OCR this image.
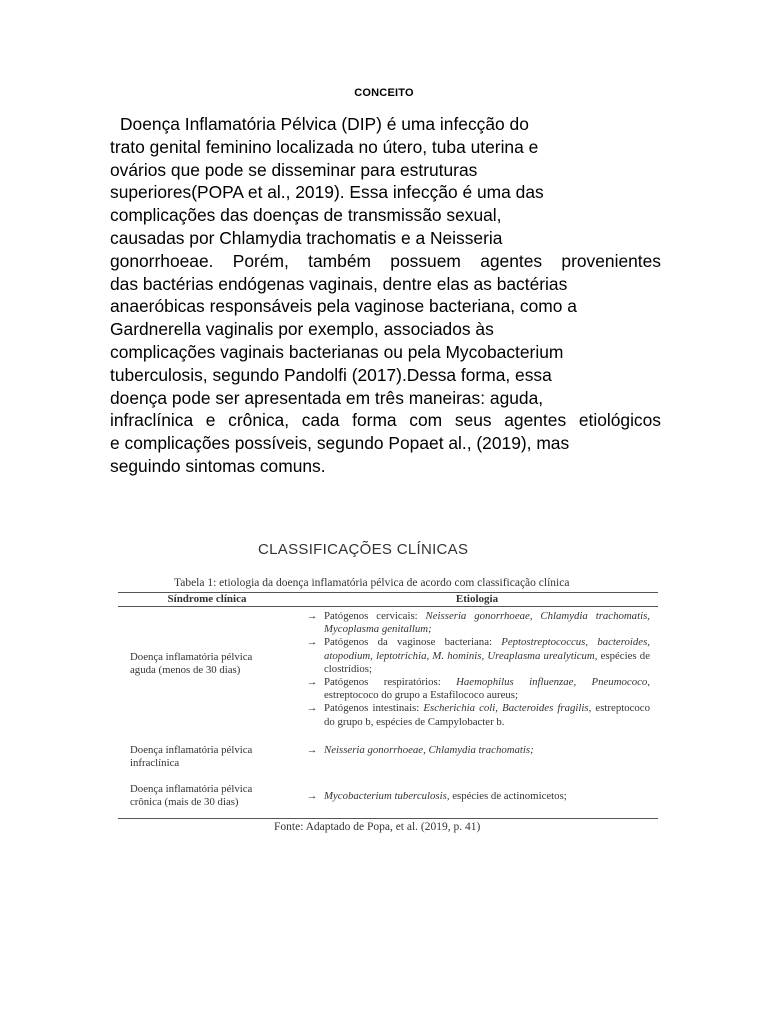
CONCEITO
Doença Inflamatória Pélvica (DIP) é uma infecção do
trato genital feminino localizada no útero, tuba uterina e
ovários que pode se disseminar para estruturas
superiores(POPA et al., 2019). Essa infecção é uma das
complicações das doenças de transmissão sexual,
causadas por Chlamydia trachomatis e a Neisseria
gonorrhoeae. Porém, também possuem agentes provenientes
das bactérias endógenas vaginais, dentre elas as bactérias
anaeróbicas responsáveis pela vaginose bacteriana, como a
Gardnerella vaginalis por exemplo, associados às
complicações vaginais bacterianas ou pela Mycobacterium
tuberculosis, segundo Pandolfi (2017).Dessa forma, essa
doença pode ser apresentada em três maneiras: aguda,
infraclínica e crônica, cada forma com seus agentes etiológicos
e complicações possíveis, segundo Popaet al., (2019), mas
seguindo sintomas comuns.
CLASSIFICAÇÕES CLÍNICAS
Tabela 1: etiologia da doença inflamatória pélvica de acordo com classificação clínica
Síndrome clínica	Etiologia
Doença inflamatória pélvica
aguda (menos de 30 dias)
→ Patógenos cervicais: Neisseria gonorrhoeae, Chlamydia trachomatis, Mycoplasma genitallum;
→ Patógenos da vaginose bacteriana: Peptostreptococcus, bacteroides, atopodium, leptotrichia, M. hominis, Ureaplasma urealyticum, espécies de clostrídios;
→ Patógenos respiratórios: Haemophilus influenzae, Pneumococo, estreptococo do grupo a Estafilococo aureus;
→ Patógenos intestinais: Escherichia coli, Bacteroides fragilis, estreptococo do grupo b, espécies de Campylobacter b.
Doença inflamatória pélvica
infraclínica
→ Neisseria gonorrhoeae, Chlamydia trachomatis;
Doença inflamatória pélvica
crônica (mais de 30 dias)
→ Mycobacterium tuberculosis, espécies de actinomicetos;
Fonte: Adaptado de Popa, et al. (2019, p. 41)
